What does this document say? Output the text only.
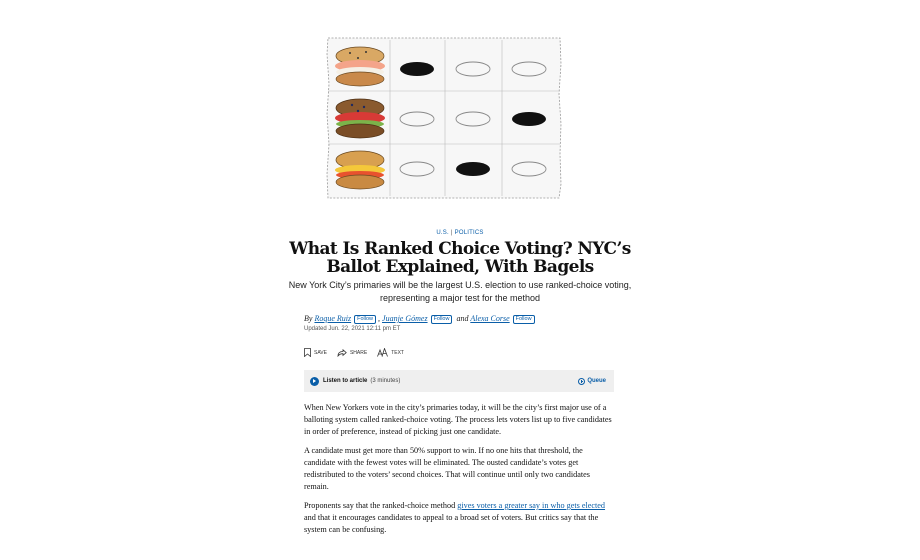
U.S. | POLITICS
What Is Ranked Choice Voting? NYC’s Ballot Explained, With Bagels
New York City’s primaries will be the largest U.S. election to use ranked-choice voting, representing a major test for the method
By Roque Ruiz Follow , Juanje Gómez Follow and Alexa Corse Follow
Updated Jun. 22, 2021 12:11 pm ET
SAVE	SHARE	TEXT
Listen to article (3 minutes)	Queue

When New Yorkers vote in the city’s primaries today, it will be the city’s first major use of a balloting system called ranked-choice voting. The process lets voters list up to five candidates in order of preference, instead of picking just one candidate.

A candidate must get more than 50% support to win. If no one hits that threshold, the candidate with the fewest votes will be eliminated. The ousted candidate’s votes get redistributed to the voters’ second choices. That will continue until only two candidates remain.

Proponents say that the ranked-choice method gives voters a greater say in who gets elected and that it encourages candidates to appeal to a broad set of voters. But critics say that the system can be confusing.
